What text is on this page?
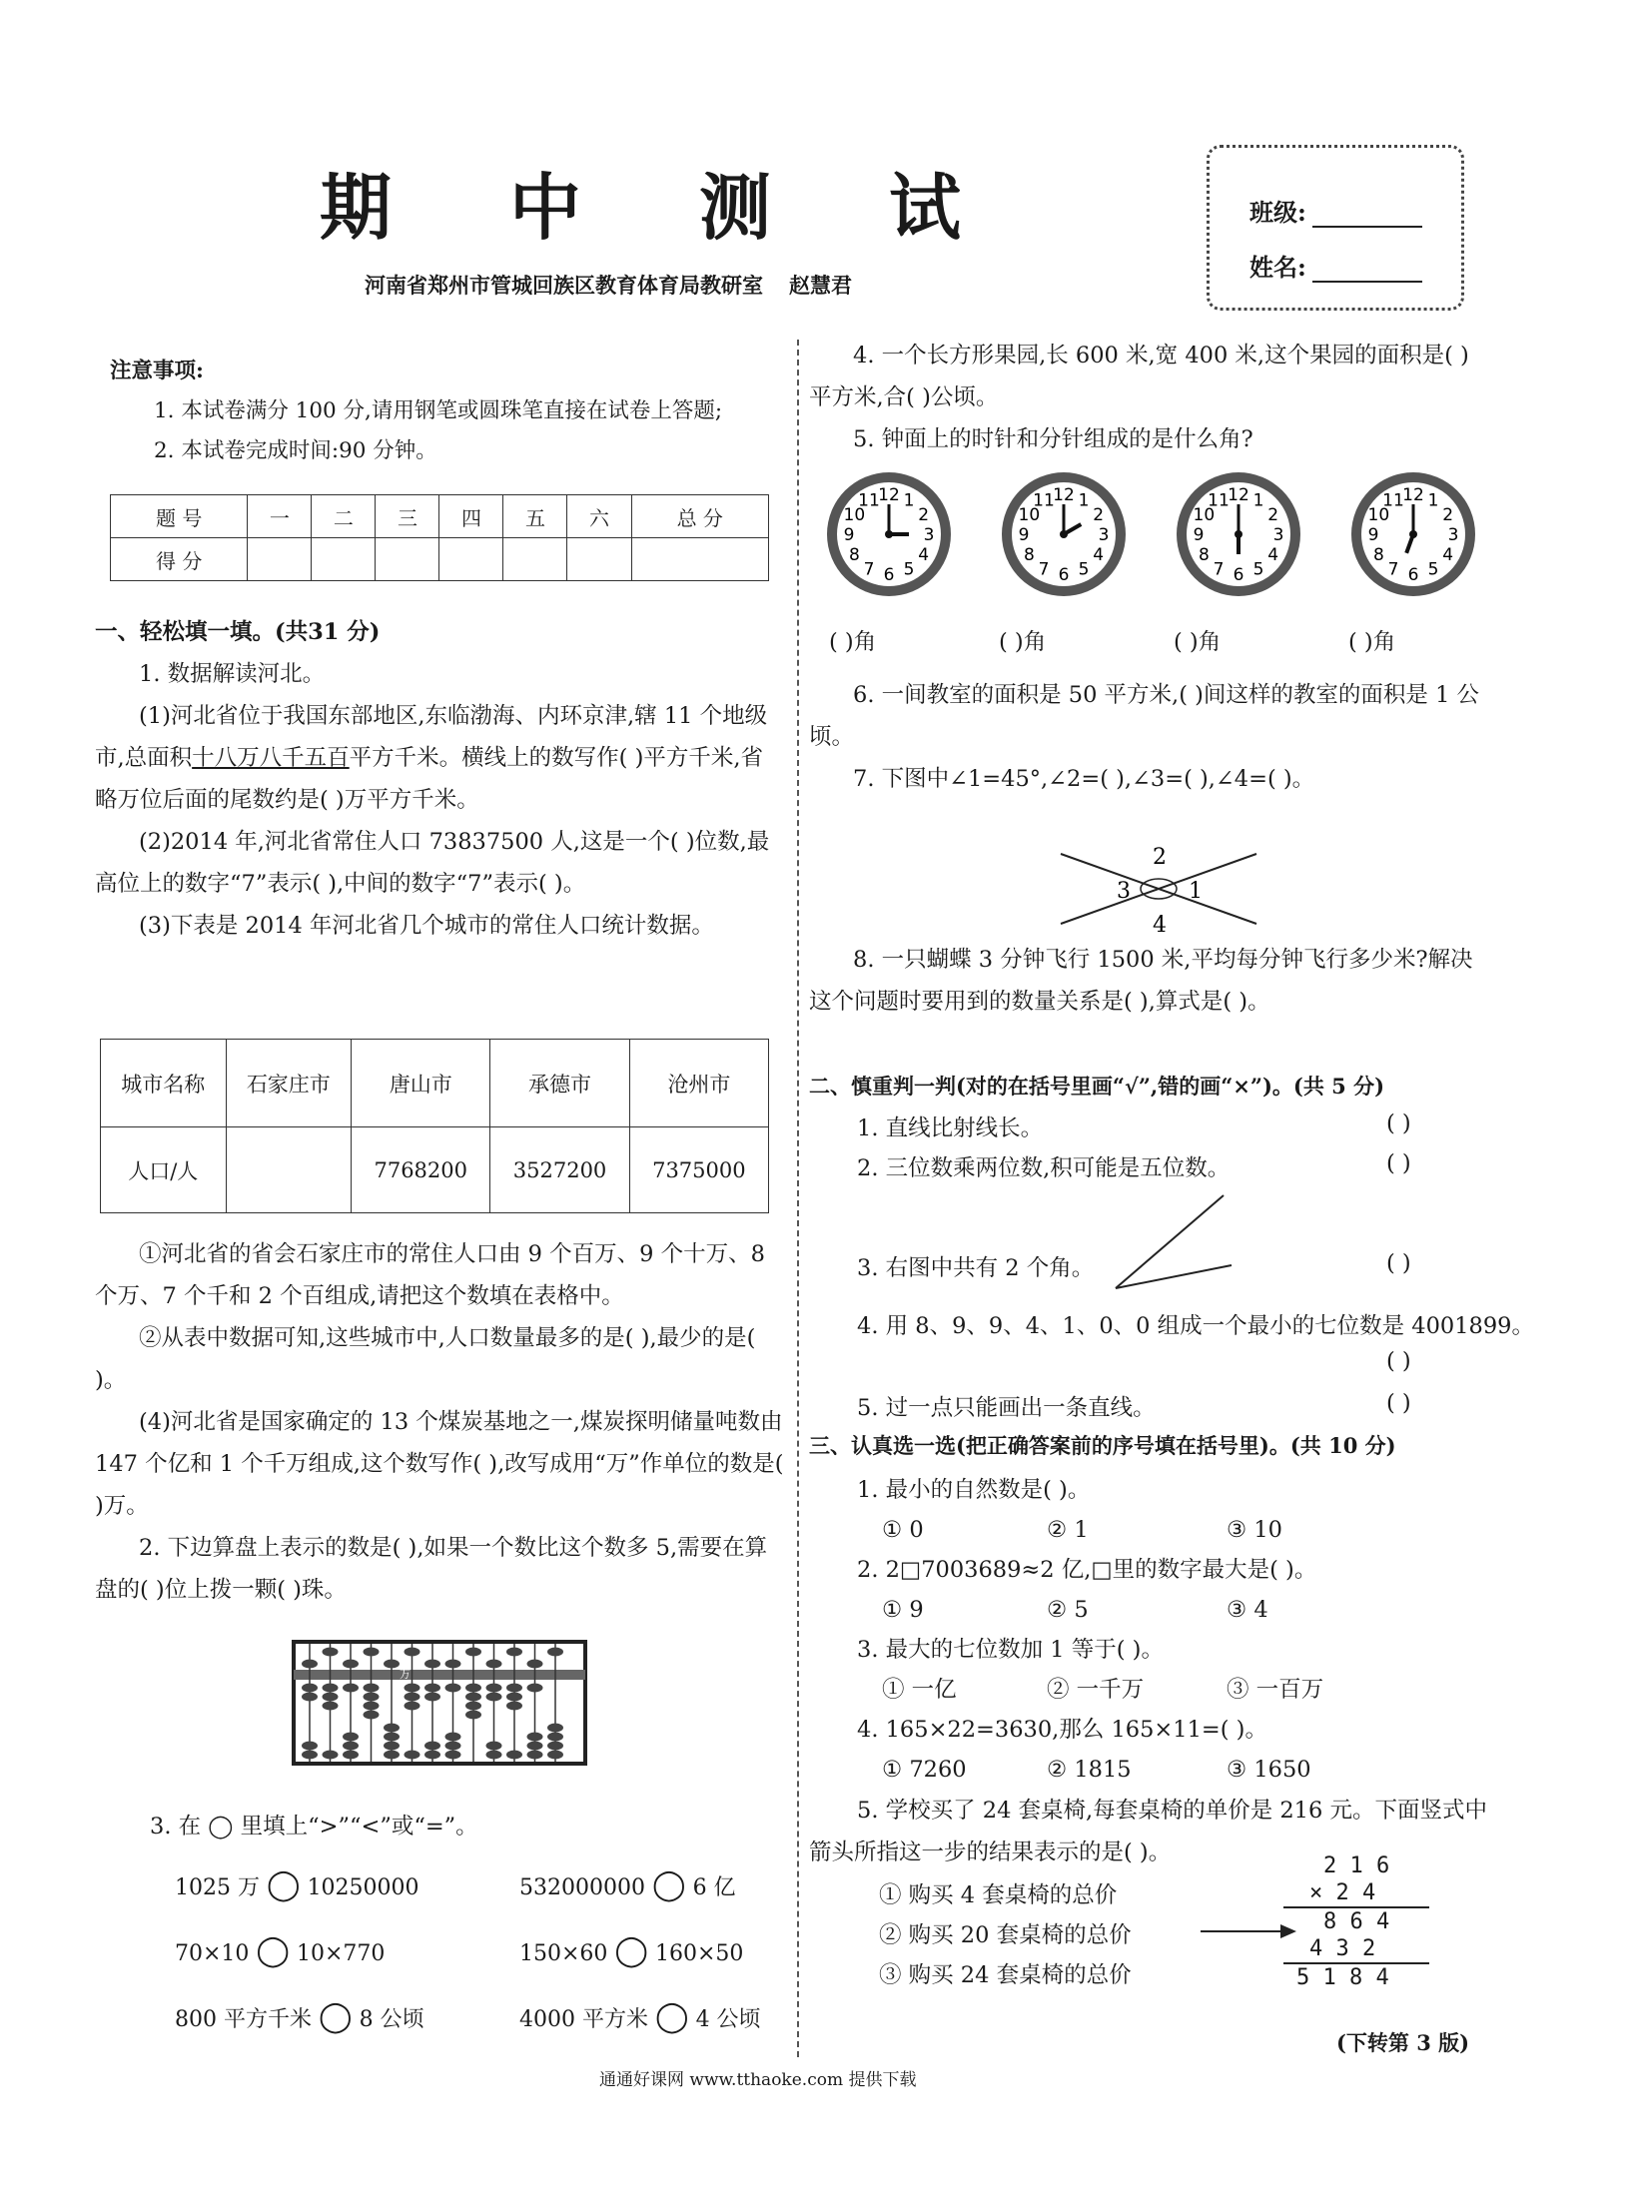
期中测试
河南省郑州市管城回族区教育体育局教研室 赵慧君
班级:
姓名:

注意事项:

1. 本试卷满分 100 分,请用钢笔或圆珠笔直接在试卷上答题;

2. 本试卷完成时间:90 分钟。

题 号	一	二	三	四	五	六	总 分
得 分							

一、轻松填一填。(共31 分)

1. 数据解读河北。

(1)河北省位于我国东部地区,东临渤海、内环京津,辖 11 个地级市,总面积十八万八千五百平方千米。横线上的数写作( )平方千米,省略万位后面的尾数约是( )万平方千米。

(2)2014 年,河北省常住人口 73837500 人,这是一个( )位数,最高位上的数字“7”表示( ),中间的数字“7”表示( )。

(3)下表是 2014 年河北省几个城市的常住人口统计数据。

城市名称	石家庄市	唐山市	承德市	沧州市
人口/人		7768200	3527200	7375000

①河北省的省会石家庄市的常住人口由 9 个百万、9 个十万、8 个万、7 个千和 2 个百组成,请把这个数填在表格中。

②从表中数据可知,这些城市中,人口数量最多的是( ),最少的是( )。

(4)河北省是国家确定的 13 个煤炭基地之一,煤炭探明储量吨数由 147 个亿和 1 个千万组成,这个数写作( ),改写成用“万”作单位的数是( )万。

2. 下边算盘上表示的数是( ),如果一个数比这个数多 5,需要在算盘的( )位上拨一颗( )珠。

万

3. 在 ◯ 里填上“>”“<”或“=”。

1025 万 ◯ 10250000	532000000 ◯ 6 亿
70×10 ◯ 10×770	150×60 ◯ 160×50
800 平方千米 ◯ 8 公顷	4000 平方米 ◯ 4 公顷

4. 一个长方形果园,长 600 米,宽 400 米,这个果园的面积是( )平方米,合( )公顷。

5. 钟面上的时针和分针组成的是什么角?

1
2
3
4
5
6
7
8
9
10
11
12	1
2
3
4
5
6
7
8
9
10
11
12	1
2
3
4
5
6
7
8
9
10
11
12	1
2
3
4
5
6
7
8
9
10
11
12
( )角	( )角	( )角	( )角

6. 一间教室的面积是 50 平方米,( )间这样的教室的面积是 1 公顷。

7. 下图中∠1=45°,∠2=( ),∠3=( ),∠4=( )。

2
3	1
4

8. 一只蝴蝶 3 分钟飞行 1500 米,平均每分钟飞行多少米?解决这个问题时要用到的数量关系是( ),算式是( )。

二、慎重判一判(对的在括号里画“√”,错的画“×”)。(共 5 分)
1. 直线比射线长。	( )
2. 三位数乘两位数,积可能是五位数。	( )
3. 右图中共有 2 个角。	( )
4. 用 8、9、9、4、1、0、0 组成一个最小的七位数是 4001899。
( )
5. 过一点只能画出一条直线。	( )
三、认真选一选(把正确答案前的序号填在括号里)。(共 10 分)
1. 最小的自然数是( )。
① 0	② 1	③ 10
2. 2□7003689≈2 亿,□里的数字最大是( )。
① 9	② 5	③ 4
3. 最大的七位数加 1 等于( )。
① 一亿	② 一千万	③ 一百万
4. 165×22=3630,那么 165×11=( )。
① 7260	② 1815	③ 1650
5. 学校买了 24 套桌椅,每套桌椅的单价是 216 元。下面竖式中箭头所指这一步的结果表示的是( )。
① 购买 4 套桌椅的总价
② 购买 20 套桌椅的总价
③ 购买 24 套桌椅的总价
2 1 6
× 2 4
8 6 4
4 3 2
5 1 8 4
(下转第 3 版)
通通好课网 www.tthaoke.com 提供下载
